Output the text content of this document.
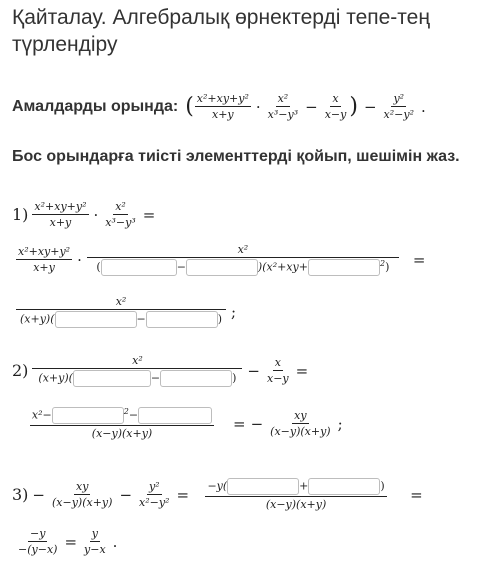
Қайталау. Алгебралық өрнектерді тепе-тең түрлендіру
Амалдарды орында: ( $\frac{\text{x²+xy+y²}}{x+y} \cdot \frac{\text{x²}}{\text{x³−y³}} - \frac{x}{x-y}$ ) − $\frac{\text{y²}}{\text{x²−y²}}$ .
Бос орындарға тиісті элементтерді қойып, шешімін жаз.
$1) \frac{\text{x²+xy+y²}}{x+y} \cdot \frac{\text{x²}}{\text{x³−y³}}$ =
$\frac{\text{x²+xy+y²}}{x+y} \cdot x^2$
(	−	)(x²+xy+	$^2$) =
x²
(x+y)(	−	) ;
2) x²
(x+y)(	−	) − $\frac{x}{x-y}$ =
x²−	$^2$−
(x−y)(x+y) = − $\frac{xy}{(x-y)(x+y)}$ ;
$3) - \frac{xy}{(x-y)(x+y)} - \frac{\text{y²}}{\text{x²−y²}} = -y$(	+	)
(x−y)(x+y) =
$\frac{-y}{-(y-x)} = \frac{y}{y-x}$ .
